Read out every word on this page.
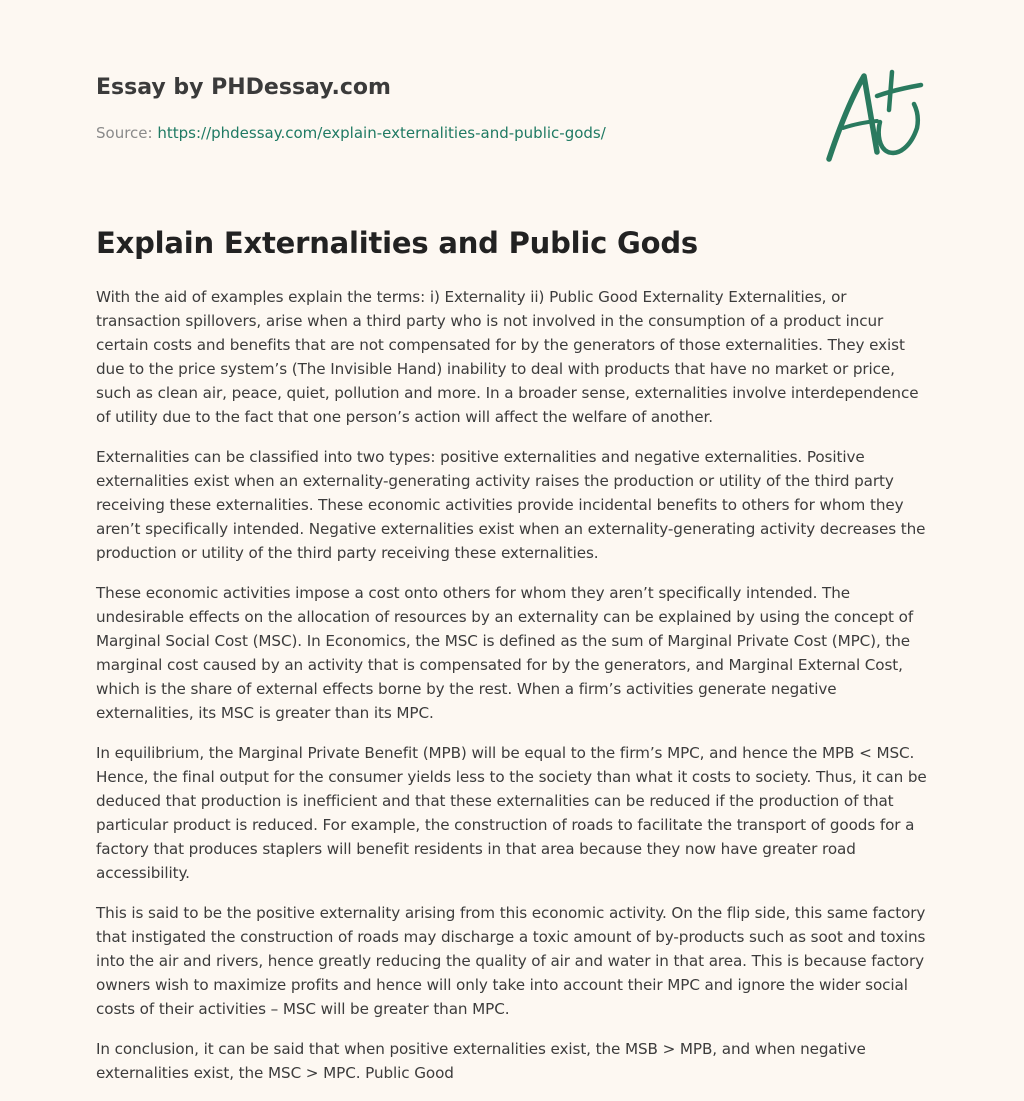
Essay by PHDessay.com

Source: https://phdessay.com/explain-externalities-and-public-gods/

Explain Externalities and Public Gods

With the aid of examples explain the terms: i) Externality ii) Public Good Externality Externalities, or transaction spillovers, arise when a third party who is not involved in the consumption of a product incur certain costs and benefits that are not compensated for by the generators of those externalities. They exist due to the price system’s (The Invisible Hand) inability to deal with products that have no market or price, such as clean air, peace, quiet, pollution and more. In a broader sense, externalities involve interdependence of utility due to the fact that one person’s action will affect the welfare of another.

Externalities can be classified into two types: positive externalities and negative externalities. Positive externalities exist when an externality-generating activity raises the production or utility of the third party receiving these externalities. These economic activities provide incidental benefits to others for whom they aren’t specifically intended. Negative externalities exist when an externality-generating activity decreases the production or utility of the third party receiving these externalities.

These economic activities impose a cost onto others for whom they aren’t specifically intended. The undesirable effects on the allocation of resources by an externality can be explained by using the concept of Marginal Social Cost (MSC). In Economics, the MSC is defined as the sum of Marginal Private Cost (MPC), the marginal cost caused by an activity that is compensated for by the generators, and Marginal External Cost, which is the share of external effects borne by the rest. When a firm’s activities generate negative externalities, its MSC is greater than its MPC.

In equilibrium, the Marginal Private Benefit (MPB) will be equal to the firm’s MPC, and hence the MPB < MSC. Hence, the final output for the consumer yields less to the society than what it costs to society. Thus, it can be deduced that production is inefficient and that these externalities can be reduced if the production of that particular product is reduced. For example, the construction of roads to facilitate the transport of goods for a factory that produces staplers will benefit residents in that area because they now have greater road accessibility.

This is said to be the positive externality arising from this economic activity. On the flip side, this same factory that instigated the construction of roads may discharge a toxic amount of by-products such as soot and toxins into the air and rivers, hence greatly reducing the quality of air and water in that area. This is because factory owners wish to maximize profits and hence will only take into account their MPC and ignore the wider social costs of their activities – MSC will be greater than MPC.

In conclusion, it can be said that when positive externalities exist, the MSB > MPB, and when negative externalities exist, the MSC > MPC. Public Good
